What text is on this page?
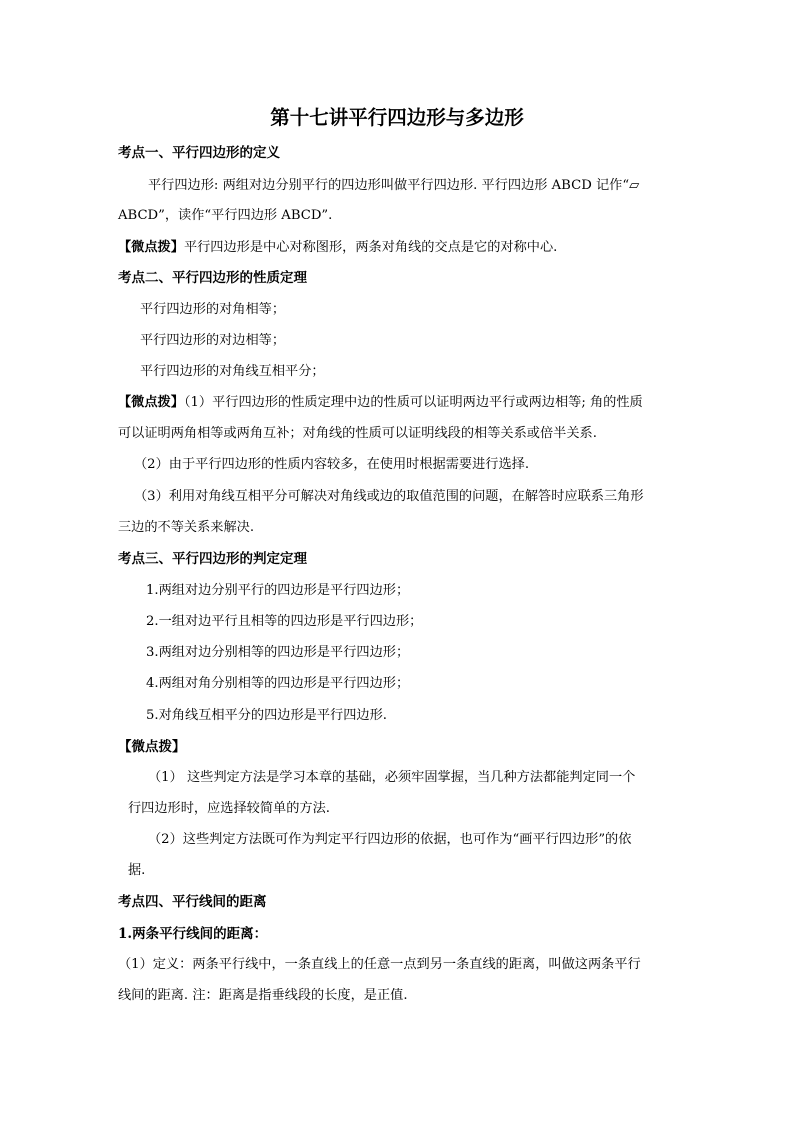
第十七讲平行四边形与多边形
考点一、平行四边形的定义
平行四边形: 两组对边分别平行的四边形叫做平行四边形. 平行四边形 ABCD 记作“▱
ABCD”，读作“平行四边形 ABCD”.
【微点拨】平行四边形是中心对称图形，两条对角线的交点是它的对称中心.
考点二、平行四边形的性质定理
平行四边形的对角相等；
平行四边形的对边相等；
平行四边形的对角线互相平分；
【微点拨】（1）平行四边形的性质定理中边的性质可以证明两边平行或两边相等; 角的性质
可以证明两角相等或两角互补；对角线的性质可以证明线段的相等关系或倍半关系.
（2）由于平行四边形的性质内容较多，在使用时根据需要进行选择.
（3）利用对角线互相平分可解决对角线或边的取值范围的问题，在解答时应联系三角形
三边的不等关系来解决.
考点三、平行四边形的判定定理
1.两组对边分别平行的四边形是平行四边形；
2.一组对边平行且相等的四边形是平行四边形；
3.两组对边分别相等的四边形是平行四边形；
4.两组对角分别相等的四边形是平行四边形；
5.对角线互相平分的四边形是平行四边形.
【微点拨】
（1） 这些判定方法是学习本章的基础，必须牢固掌握，当几种方法都能判定同一个
行四边形时，应选择较简单的方法.
（2）这些判定方法既可作为判定平行四边形的依据，也可作为“画平行四边形”的依
据.
考点四、平行线间的距离
1.两条平行线间的距离：
（1）定义：两条平行线中，一条直线上的任意一点到另一条直线的距离，叫做这两条平行
线间的距离. 注：距离是指垂线段的长度，是正值.
